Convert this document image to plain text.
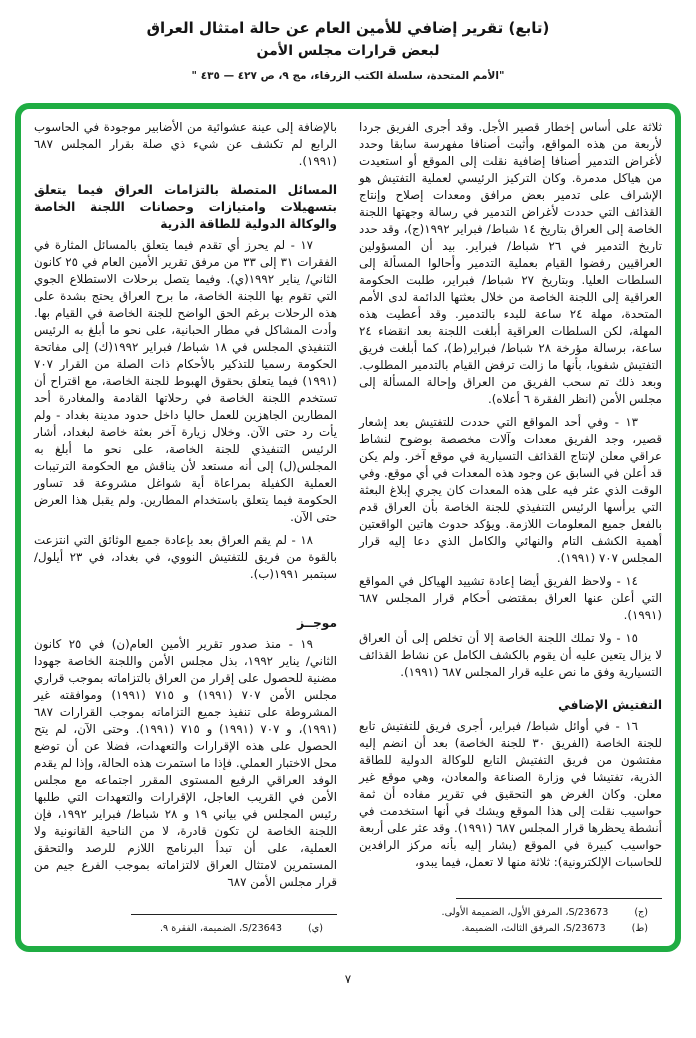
(تابع) تقرير إضافي للأمين العام عن حالة امتثال العراق
لبعض قرارات مجلس الأمن
"الأمم المتحدة، سلسلة الكتب الزرقاء، مج ٩، ص ٤٢٧ — ٤٣٥ "

ثلاثة على أساس إخطار قصير الأجل. وقد أجرى الفريق جردا لأربعة من هذه المواقع، وأثبت أصنافا مفهرسة سابقا وحدد لأغراض التدمير أصنافا إضافية نقلت إلى الموقع أو استعيدت من هياكل مدمرة. وكان التركيز الرئيسي لعملية التفتيش هو الإشراف على تدمير بعض مرافق ومعدات إصلاح وإنتاج القذائف التي حددت لأغراض التدمير في رسالة وجهتها اللجنة الخاصة إلى العراق بتاريخ ١٤ شباط/ فبراير ١٩٩٢(ج)، وقد حدد تاريخ التدمير في ٢٦ شباط/ فبراير. بيد أن المسؤولين العراقيين رفضوا القيام بعملية التدمير وأحالوا المسألة إلى السلطات العليا. وبتاريخ ٢٧ شباط/ فبراير، طلبت الحكومة العراقية إلى اللجنة الخاصة من خلال بعثتها الدائمة لدى الأمم المتحدة، مهلة ٢٤ ساعة للبدء بالتدمير. وقد أعطيت هذه المهلة، لكن السلطات العراقية أبلغت اللجنة بعد انقضاء ٢٤ ساعة، برسالة مؤرخة ٢٨ شباط/ فبراير(ط)، كما أبلغت فريق التفتيش شفويا، بأنها ما زالت ترفض القيام بالتدمير المطلوب. وبعد ذلك تم سحب الفريق من العراق وإحالة المسألة إلى مجلس الأمن (انظر الفقرة ٦ أعلاه).

١٣ - وفي أحد المواقع التي حددت للتفتيش بعد إشعار قصير، وجد الفريق معدات وآلات مخصصة بوضوح لنشاط عراقي معلن لإنتاج القذائف التسيارية في موقع آخر. ولم يكن قد أعلن في السابق عن وجود هذه المعدات في أي موقع. وفي الوقت الذي عثر فيه على هذه المعدات كان يجري إبلاغ البعثة التي يرأسها الرئيس التنفيذي للجنة الخاصة بأن العراق قدم بالفعل جميع المعلومات اللازمة. ويؤكد حدوث هاتين الواقعتين أهمية الكشف التام والنهائي والكامل الذي دعا إليه قرار المجلس ٧٠٧ (١٩٩١).

١٤ - ولاحظ الفريق أيضا إعادة تشييد الهياكل في المواقع التي أعلن عنها العراق بمقتضى أحكام قرار المجلس ٦٨٧ (١٩٩١).

١٥ - ولا تملك اللجنة الخاصة إلا أن تخلص إلى أن العراق لا يزال يتعين عليه أن يقوم بالكشف الكامل عن نشاط القذائف التسيارية وفق ما نص عليه قرار المجلس ٦٨٧ (١٩٩١).

التفتيش الإضافي

١٦ - في أوائل شباط/ فبراير، أجرى فريق للتفتيش تابع للجنة الخاصة (الفريق ٣٠ للجنة الخاصة) بعد أن انضم إليه مفتشون من فريق التفتيش التابع للوكالة الدولية للطاقة الذرية، تفتيشا في وزارة الصناعة والمعادن، وهي موقع غير معلن. وكان الغرض هو التحقيق في تقرير مفاده أن ثمة حواسيب نقلت إلى هذا الموقع ويشك في أنها استخدمت في أنشطة يحظرها قرار المجلس ٦٨٧ (١٩٩١). وقد عثر على أربعة حواسيب كبيرة في الموقع (يشار إليه بأنه مركز الرافدين للحاسبات الإلكترونية): ثلاثة منها لا تعمل، فيما يبدو،

(ج)
S/23673، المرفق الأول، الضميمة الأولى.
(ط)
S/23673، المرفق الثالث، الضميمة.

بالإضافة إلى عينة عشوائية من الأضابير موجودة في الحاسوب الرابع لم تكشف عن شيء ذي صلة بقرار المجلس ٦٨٧ (١٩٩١).

المسائل المتصلة بالتزامات العراق فيما يتعلق بتسهيلات وامتيازات وحصانات اللجنة الخاصة والوكالة الدولية للطاقة الذرية

١٧ - لم يحرز أي تقدم فيما يتعلق بالمسائل المثارة في الفقرات ٣١ إلى ٣٣ من مرفق تقرير الأمين العام في ٢٥ كانون الثاني/ يناير ١٩٩٢(ي). وفيما يتصل برحلات الاستطلاع الجوي التي تقوم بها اللجنة الخاصة، ما برح العراق يحتج بشدة على هذه الرحلات برغم الحق الواضح للجنة الخاصة في القيام بها. وأدت المشاكل في مطار الحبانية، على نحو ما أبلغ به الرئيس التنفيذي المجلس في ١٨ شباط/ فبراير ١٩٩٢(ك) إلى مفاتحة الحكومة رسميا للتذكير بالأحكام ذات الصلة من القرار ٧٠٧ (١٩٩١) فيما يتعلق بحقوق الهبوط للجنة الخاصة، مع اقتراح أن تستخدم اللجنة الخاصة في رحلاتها القادمة والمغادرة أحد المطارين الجاهزين للعمل حاليا داخل حدود مدينة بغداد - ولم يأت رد حتى الآن. وخلال زيارة آخر بعثة خاصة لبغداد، أشار الرئيس التنفيذي للجنة الخاصة، على نحو ما أبلغ به المجلس(ل) إلى أنه مستعد لأن يناقش مع الحكومة الترتيبات العملية الكفيلة بمراعاة أية شواغل مشروعة قد تساور الحكومة فيما يتعلق باستخدام المطارين. ولم يقبل هذا العرض حتى الآن.

١٨ - لم يقم العراق بعد بإعادة جميع الوثائق التي انتزعت بالقوة من فريق للتفتيش النووي، في بغداد، في ٢٣ أيلول/ سبتمبر ١٩٩١(ب).

موجــز

١٩ - منذ صدور تقرير الأمين العام(ن) في ٢٥ كانون الثاني/ يناير ١٩٩٢، بذل مجلس الأمن واللجنة الخاصة جهودا مضنية للحصول على إقرار من العراق بالتزاماته بموجب قراري مجلس الأمن ٧٠٧ (١٩٩١) و ٧١٥ (١٩٩١) وموافقته غير المشروطة على تنفيذ جميع التزاماته بموجب القرارات ٦٨٧ (١٩٩١)، و ٧٠٧ (١٩٩١) و ٧١٥ (١٩٩١). وحتى الآن، لم يتح الحصول على هذه الإقرارات والتعهدات، فضلا عن أن توضع محل الاختبار العملي. فإذا ما استمرت هذه الحالة، وإذا لم يقدم الوفد العراقي الرفيع المستوى المقرر اجتماعه مع مجلس الأمن في القريب العاجل، الإقرارات والتعهدات التي طلبها رئيس المجلس في بياني ١٩ و ٢٨ شباط/ فبراير ١٩٩٢، فإن اللجنة الخاصة لن تكون قادرة، لا من الناحية القانونية ولا العملية، على أن تبدأ البرنامج اللازم للرصد والتحقق المستمرين لامتثال العراق لالتزاماته بموجب الفرع جيم من قرار مجلس الأمن ٦٨٧

(ي)
S/23643، الضميمة، الفقرة ٩.
٧
